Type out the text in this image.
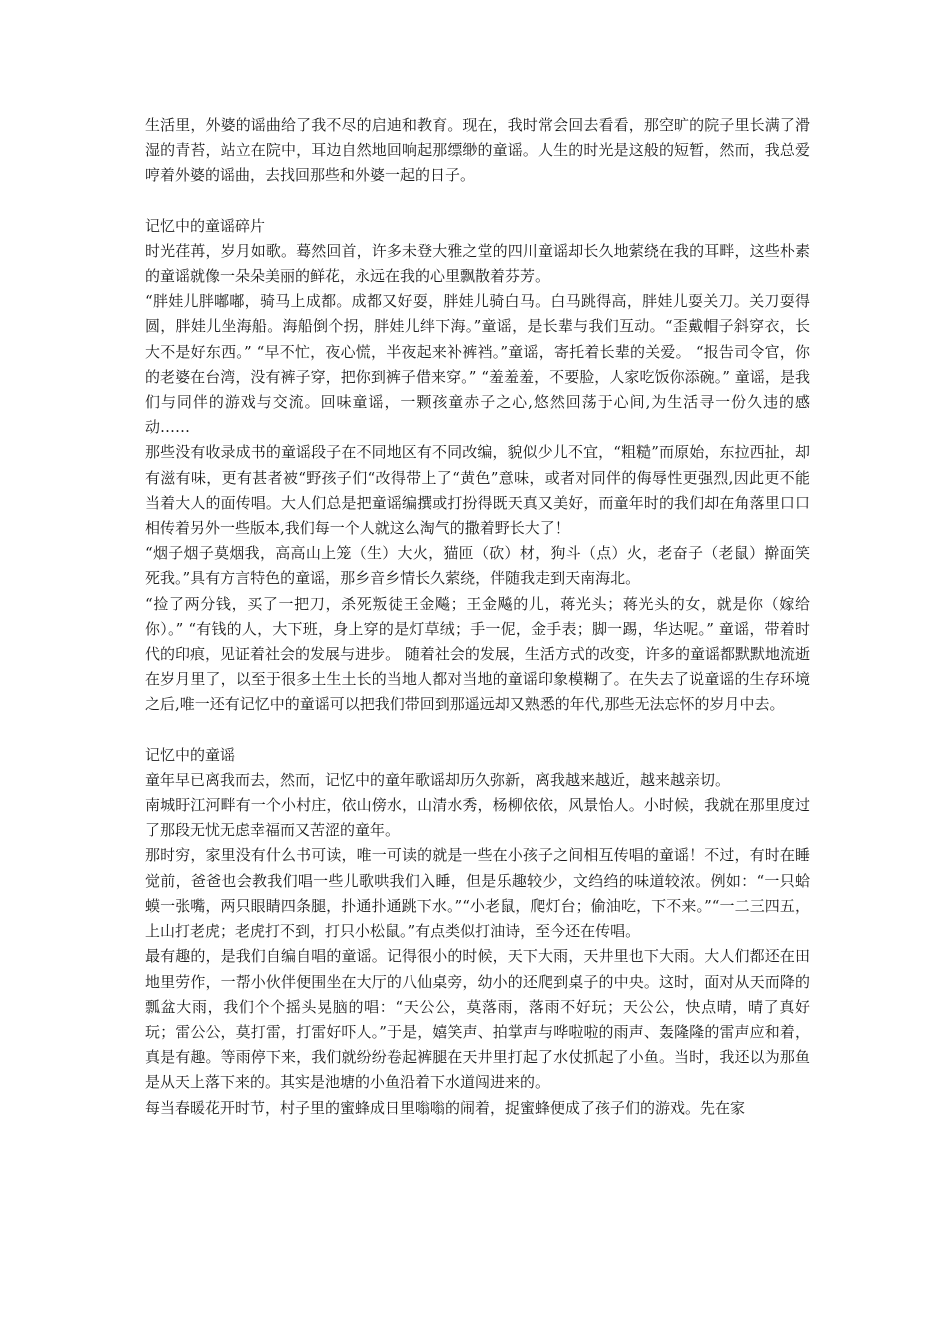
生活里，外婆的谣曲给了我不尽的启迪和教育。现在，我时常会回去看看，那空旷的院子里长满了滑湿的青苔，站立在院中，耳边自然地回响起那缥缈的童谣。人生的时光是这般的短暂，然而，我总爱哼着外婆的谣曲，去找回那些和外婆一起的日子。

记忆中的童谣碎片

时光荏苒，岁月如歌。蓦然回首，许多未登大雅之堂的四川童谣却长久地萦绕在我的耳畔，这些朴素的童谣就像一朵朵美丽的鲜花，永远在我的心里飘散着芬芳。

“胖娃儿胖嘟嘟，骑马上成都。成都又好耍，胖娃儿骑白马。白马跳得高，胖娃儿耍关刀。关刀耍得圆，胖娃儿坐海船。海船倒个拐，胖娃儿绊下海。”童谣，是长辈与我们互动。“歪戴帽子斜穿衣，长大不是好东西。” “早不忙，夜心慌，半夜起来补裤裆。”童谣，寄托着长辈的关爱。 “报告司令官，你的老婆在台湾，没有裤子穿，把你到裤子借来穿。” “羞羞羞，不要脸，人家吃饭你添碗。” 童谣，是我们与同伴的游戏与交流。回味童谣，一颗孩童赤子之心,悠然回荡于心间,为生活寻一份久违的感动……

那些没有收录成书的童谣段子在不同地区有不同改编，貌似少儿不宜，“粗糙”而原始，东拉西扯，却有滋有味，更有甚者被“野孩子们“改得带上了“黄色”意味，或者对同伴的侮辱性更强烈,因此更不能当着大人的面传唱。大人们总是把童谣编撰或打扮得既天真又美好，而童年时的我们却在角落里口口相传着另外一些版本,我们每一个人就这么淘气的撒着野长大了！

“烟子烟子莫烟我，高高山上笼（生）大火，猫匝（砍）材，狗斗（点）火，老奋子（老鼠）擀面笑死我。”具有方言特色的童谣，那乡音乡情长久萦绕，伴随我走到天南海北。

“捡了两分钱，买了一把刀，杀死叛徒王金飚；王金飚的儿，蒋光头；蒋光头的女，就是你（嫁给你）。” “有钱的人，大下班，身上穿的是灯草绒；手一伲，金手表；脚一踢，华达呢。” 童谣，带着时代的印痕，见证着社会的发展与进步。 随着社会的发展，生活方式的改变，许多的童谣都默默地流逝在岁月里了，以至于很多土生土长的当地人都对当地的童谣印象模糊了。在失去了说童谣的生存环境之后,唯一还有记忆中的童谣可以把我们带回到那遥远却又熟悉的年代,那些无法忘怀的岁月中去。

记忆中的童谣

童年早已离我而去，然而，记忆中的童年歌谣却历久弥新，离我越来越近，越来越亲切。

南城盱江河畔有一个小村庄，依山傍水，山清水秀，杨柳依依，风景怡人。小时候，我就在那里度过了那段无忧无虑幸福而又苦涩的童年。

那时穷，家里没有什么书可读，唯一可读的就是一些在小孩子之间相互传唱的童谣！不过，有时在睡觉前，爸爸也会教我们唱一些儿歌哄我们入睡，但是乐趣较少，文绉绉的味道较浓。例如：“一只蛤蟆一张嘴，两只眼睛四条腿，扑通扑通跳下水。”“小老鼠，爬灯台；偷油吃，下不来。”“一二三四五，上山打老虎；老虎打不到，打只小松鼠。”有点类似打油诗，至今还在传唱。

最有趣的，是我们自编自唱的童谣。记得很小的时候，天下大雨，天井里也下大雨。大人们都还在田地里劳作，一帮小伙伴便围坐在大厅的八仙桌旁，幼小的还爬到桌子的中央。这时，面对从天而降的瓢盆大雨，我们个个摇头晃脑的唱：“天公公，莫落雨，落雨不好玩；天公公，快点晴，晴了真好玩；雷公公，莫打雷，打雷好吓人。”于是，嬉笑声、拍掌声与哗啦啦的雨声、轰隆隆的雷声应和着，真是有趣。等雨停下来，我们就纷纷卷起裤腿在天井里打起了水仗抓起了小鱼。当时，我还以为那鱼是从天上落下来的。其实是池塘的小鱼沿着下水道闯进来的。

每当春暖花开时节，村子里的蜜蜂成日里嗡嗡的闹着，捉蜜蜂便成了孩子们的游戏。先在家
